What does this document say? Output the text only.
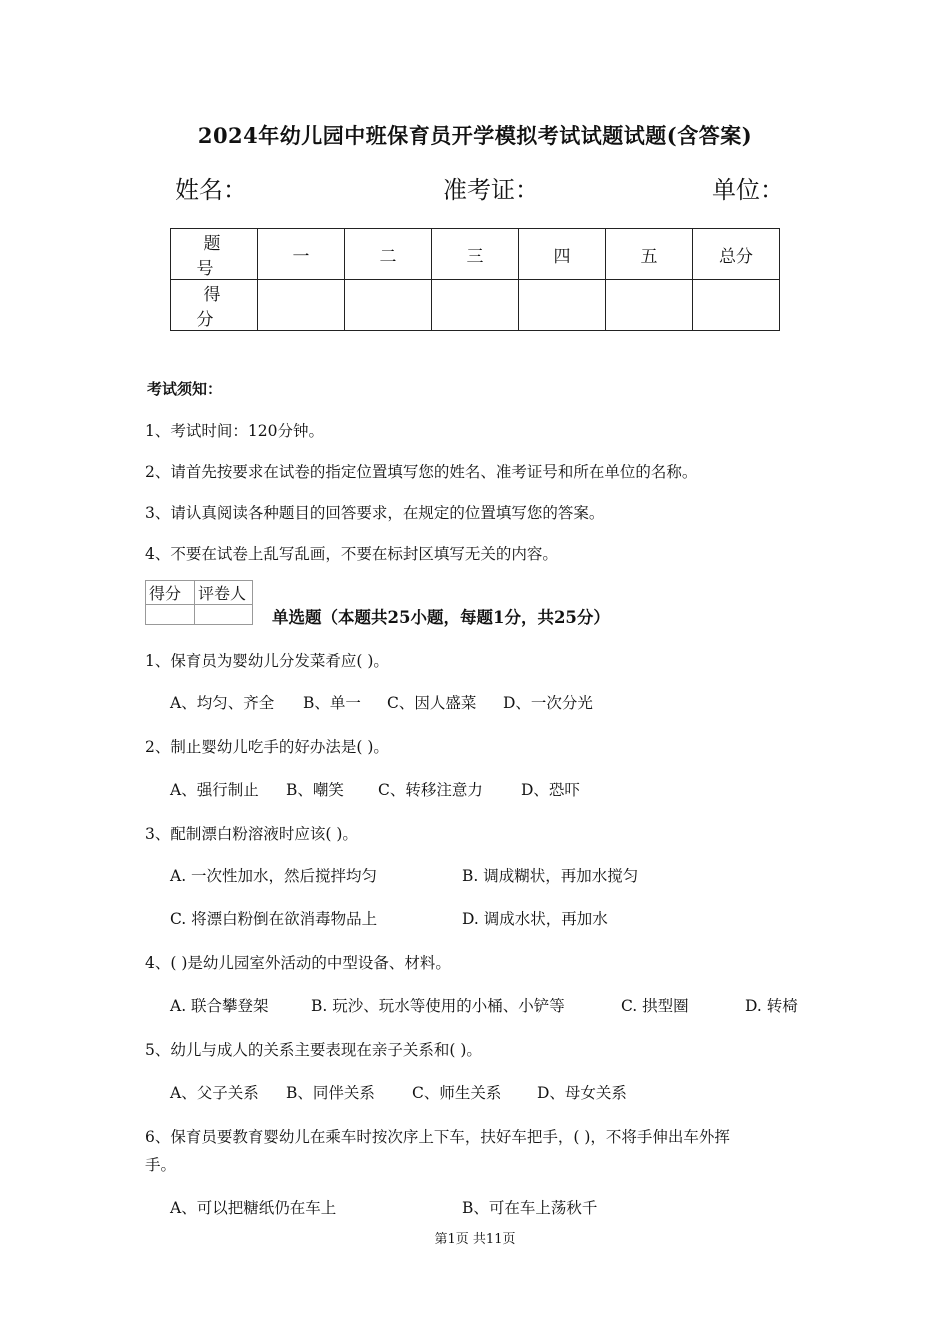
2024年幼儿园中班保育员开学模拟考试试题试题(含答案)
姓名：	准考证：	单位：
题　号	一	二	三	四	五	总分
得　分						
考试须知：
1、考试时间：120分钟。
2、请首先按要求在试卷的指定位置填写您的姓名、准考证号和所在单位的名称。
3、请认真阅读各种题目的回答要求，在规定的位置填写您的答案。
4、不要在试卷上乱写乱画，不要在标封区填写无关的内容。
得分	评卷人

单选题（本题共25小题，每题1分，共25分）
1、保育员为婴幼儿分发菜肴应( )。
A、均匀、齐全 B、单一 C、因人盛菜 D、一次分光
2、制止婴幼儿吃手的好办法是( )。
A、强行制止 B、嘲笑 C、转移注意力 D、恐吓
3、配制漂白粉溶液时应该( )。
A. 一次性加水，然后搅拌均匀	B. 调成糊状，再加水搅匀
C. 将漂白粉倒在欲消毒物品上	D. 调成水状，再加水
4、( )是幼儿园室外活动的中型设备、材料。
A. 联合攀登架	B. 玩沙、玩水等使用的小桶、小铲等	C. 拱型圈	D. 转椅
5、幼儿与成人的关系主要表现在亲子关系和( )。
A、父子关系 B、同伴关系 C、师生关系 D、母女关系
6、保育员要教育婴幼儿在乘车时按次序上下车，扶好车把手，( )，不将手伸出车外挥
手。
A、可以把糖纸仍在车上	B、可在车上荡秋千
第1页 共11页
